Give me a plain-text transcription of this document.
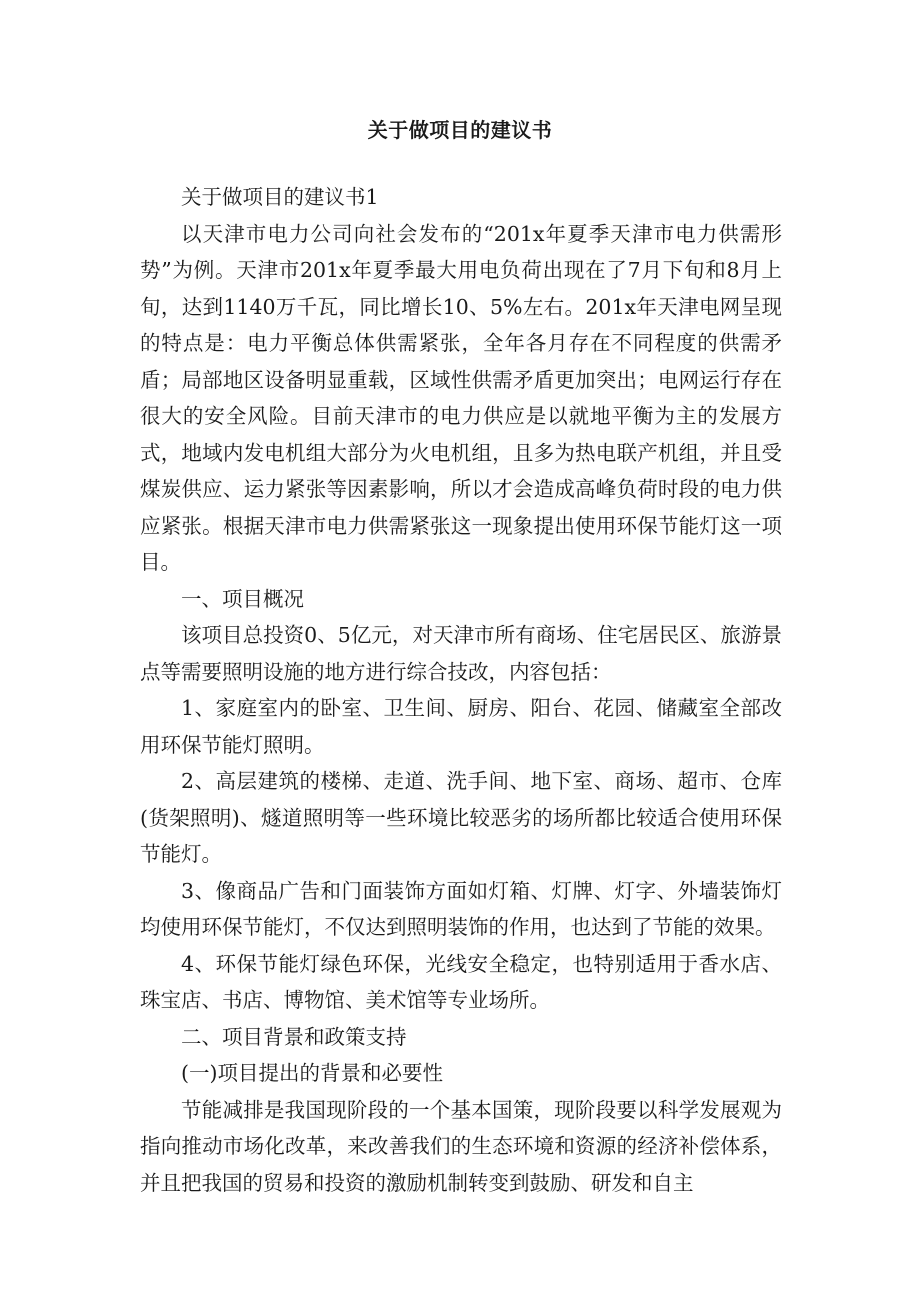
关于做项目的建议书

关于做项目的建议书1

以天津市电力公司向社会发布的“201x年夏季天津市电力供需形势”为例。天津市201x年夏季最大用电负荷出现在了7月下旬和8月上旬，达到1140万千瓦，同比增长10、5%左右。201x年天津电网呈现的特点是：电力平衡总体供需紧张，全年各月存在不同程度的供需矛盾；局部地区设备明显重载，区域性供需矛盾更加突出；电网运行存在很大的安全风险。目前天津市的电力供应是以就地平衡为主的发展方式，地域内发电机组大部分为火电机组，且多为热电联产机组，并且受煤炭供应、运力紧张等因素影响，所以才会造成高峰负荷时段的电力供应紧张。根据天津市电力供需紧张这一现象提出使用环保节能灯这一项目。

一、项目概况

该项目总投资0、5亿元，对天津市所有商场、住宅居民区、旅游景点等需要照明设施的地方进行综合技改，内容包括：

1、家庭室内的卧室、卫生间、厨房、阳台、花园、储藏室全部改用环保节能灯照明。

2、高层建筑的楼梯、走道、洗手间、地下室、商场、超市、仓库(货架照明)、燧道照明等一些环境比较恶劣的场所都比较适合使用环保节能灯。

3、像商品广告和门面装饰方面如灯箱、灯牌、灯字、外墙装饰灯均使用环保节能灯，不仅达到照明装饰的作用，也达到了节能的效果。

4、环保节能灯绿色环保，光线安全稳定，也特别适用于香水店、珠宝店、书店、博物馆、美术馆等专业场所。

二、项目背景和政策支持

(一)项目提出的背景和必要性

节能减排是我国现阶段的一个基本国策，现阶段要以科学发展观为指向推动市场化改革，来改善我们的生态环境和资源的经济补偿体系，并且把我国的贸易和投资的激励机制转变到鼓励、研发和自主
